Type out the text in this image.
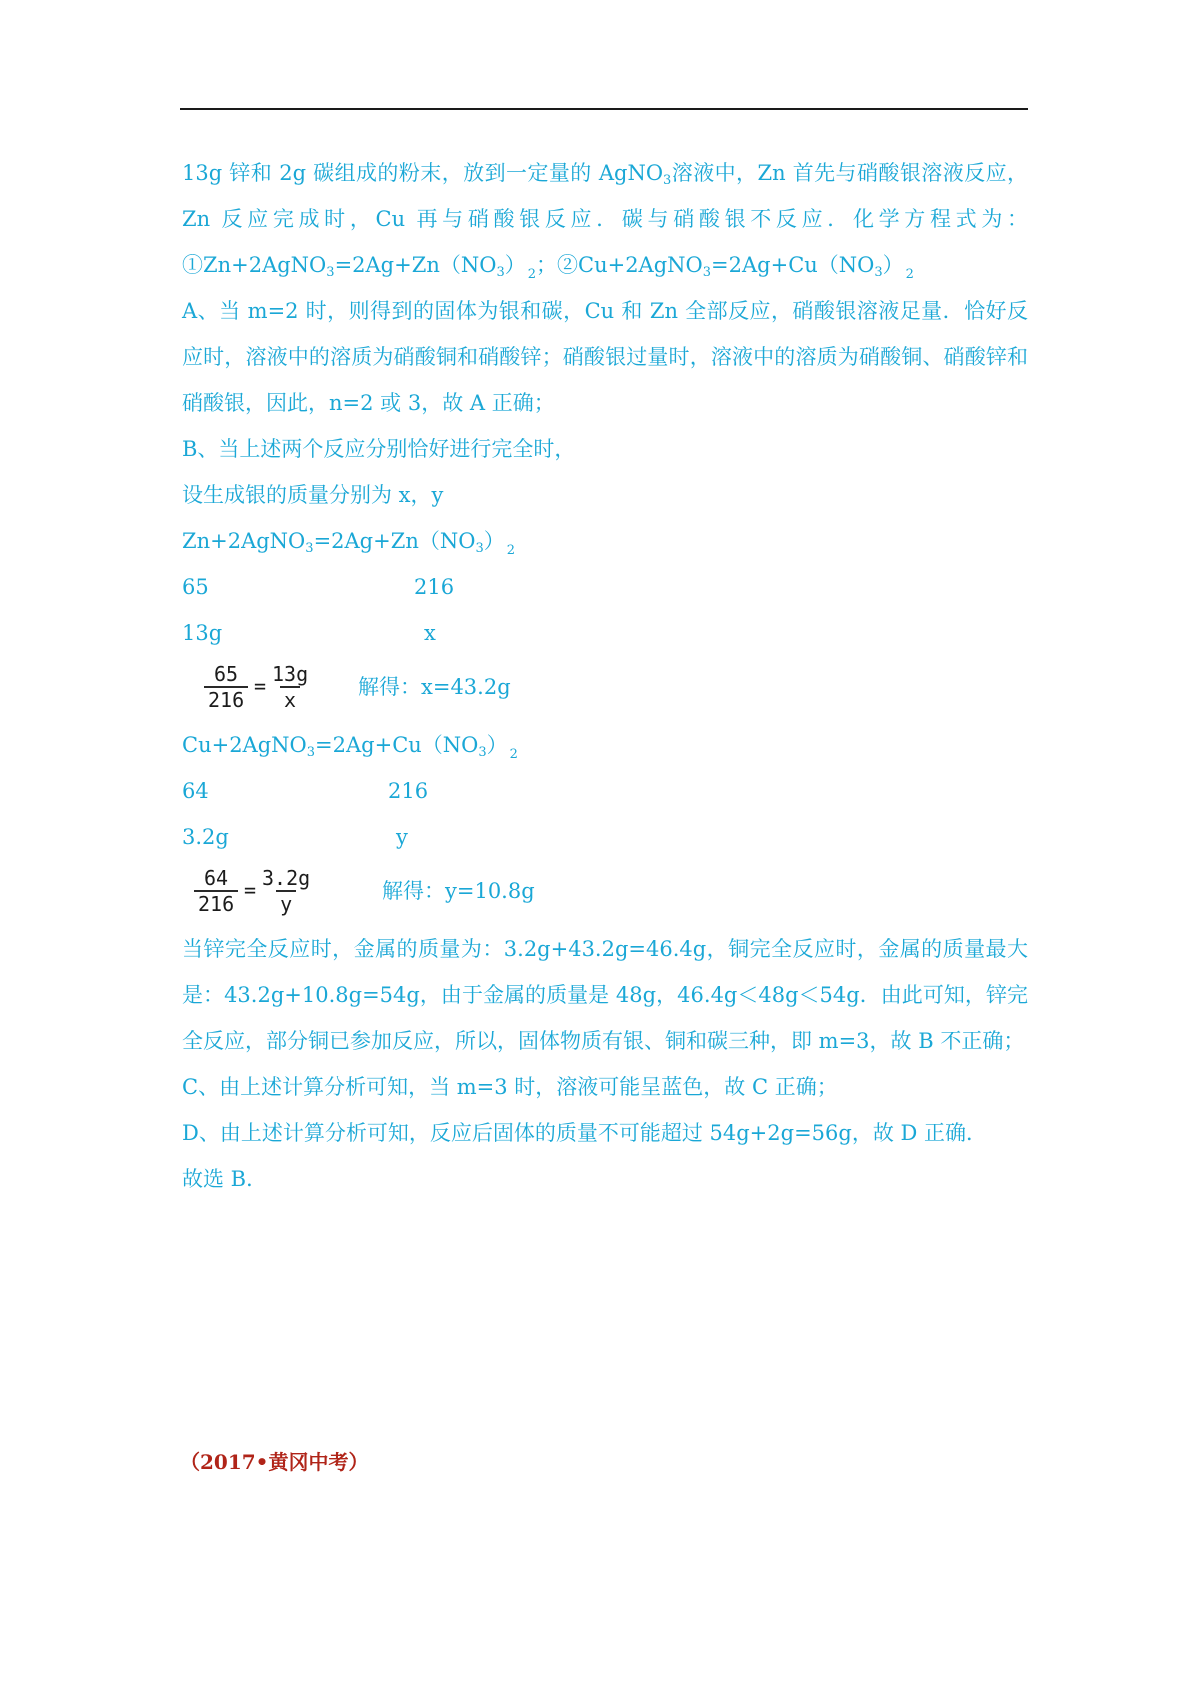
13g 锌和 2g 碳组成的粉末，放到一定量的 AgNO$_3$溶液中，Zn 首先与硝酸银溶液反应，Zn 反应完成时，Cu 再与硝酸银反应．碳与硝酸银不反应．化学方程式为：$①Zn+2AgNO_3=2Ag+Zn(NO_3)$ $_2$；$②Cu+2AgNO_3=2Ag+Cu(NO_3)$ $_2$

A、当 m=2 时，则得到的固体为银和碳，Cu 和 Zn 全部反应，硝酸银溶液足量．恰好反应时，溶液中的溶质为硝酸铜和硝酸锌；硝酸银过量时，溶液中的溶质为硝酸铜、硝酸锌和硝酸银，因此，n=2 或 3，故 A 正确；

B、当上述两个反应分别恰好进行完全时，

设生成银的质量分别为 x，y

$Zn+2AgNO_3=2Ag+Zn(NO_3)$ $_2$

65	216
13g	x
$\frac{65}{216} = \frac{13g}{x}$ 解得：x=43.2g

$Cu+2AgNO_3=2Ag+Cu(NO_3)$ $_2$

64	216
3.2g	y
$\frac{64}{216} = \frac{3.2g}{y}$	解得：y=10.8g

当锌完全反应时，金属的质量为：3.2g+43.2g=46.4g，铜完全反应时，金属的质量最大是：43.2g+10.8g=54g，由于金属的质量是 48g，46.4g＜48g＜54g．由此可知，锌完全反应，部分铜已参加反应，所以，固体物质有银、铜和碳三种，即 m=3，故 B 不正确；

C、由上述计算分析可知，当 m=3 时，溶液可能呈蓝色，故 C 正确；

D、由上述计算分析可知，反应后固体的质量不可能超过 54g+2g=56g，故 D 正确．

故选 B．

（2017•黄冈中考）
